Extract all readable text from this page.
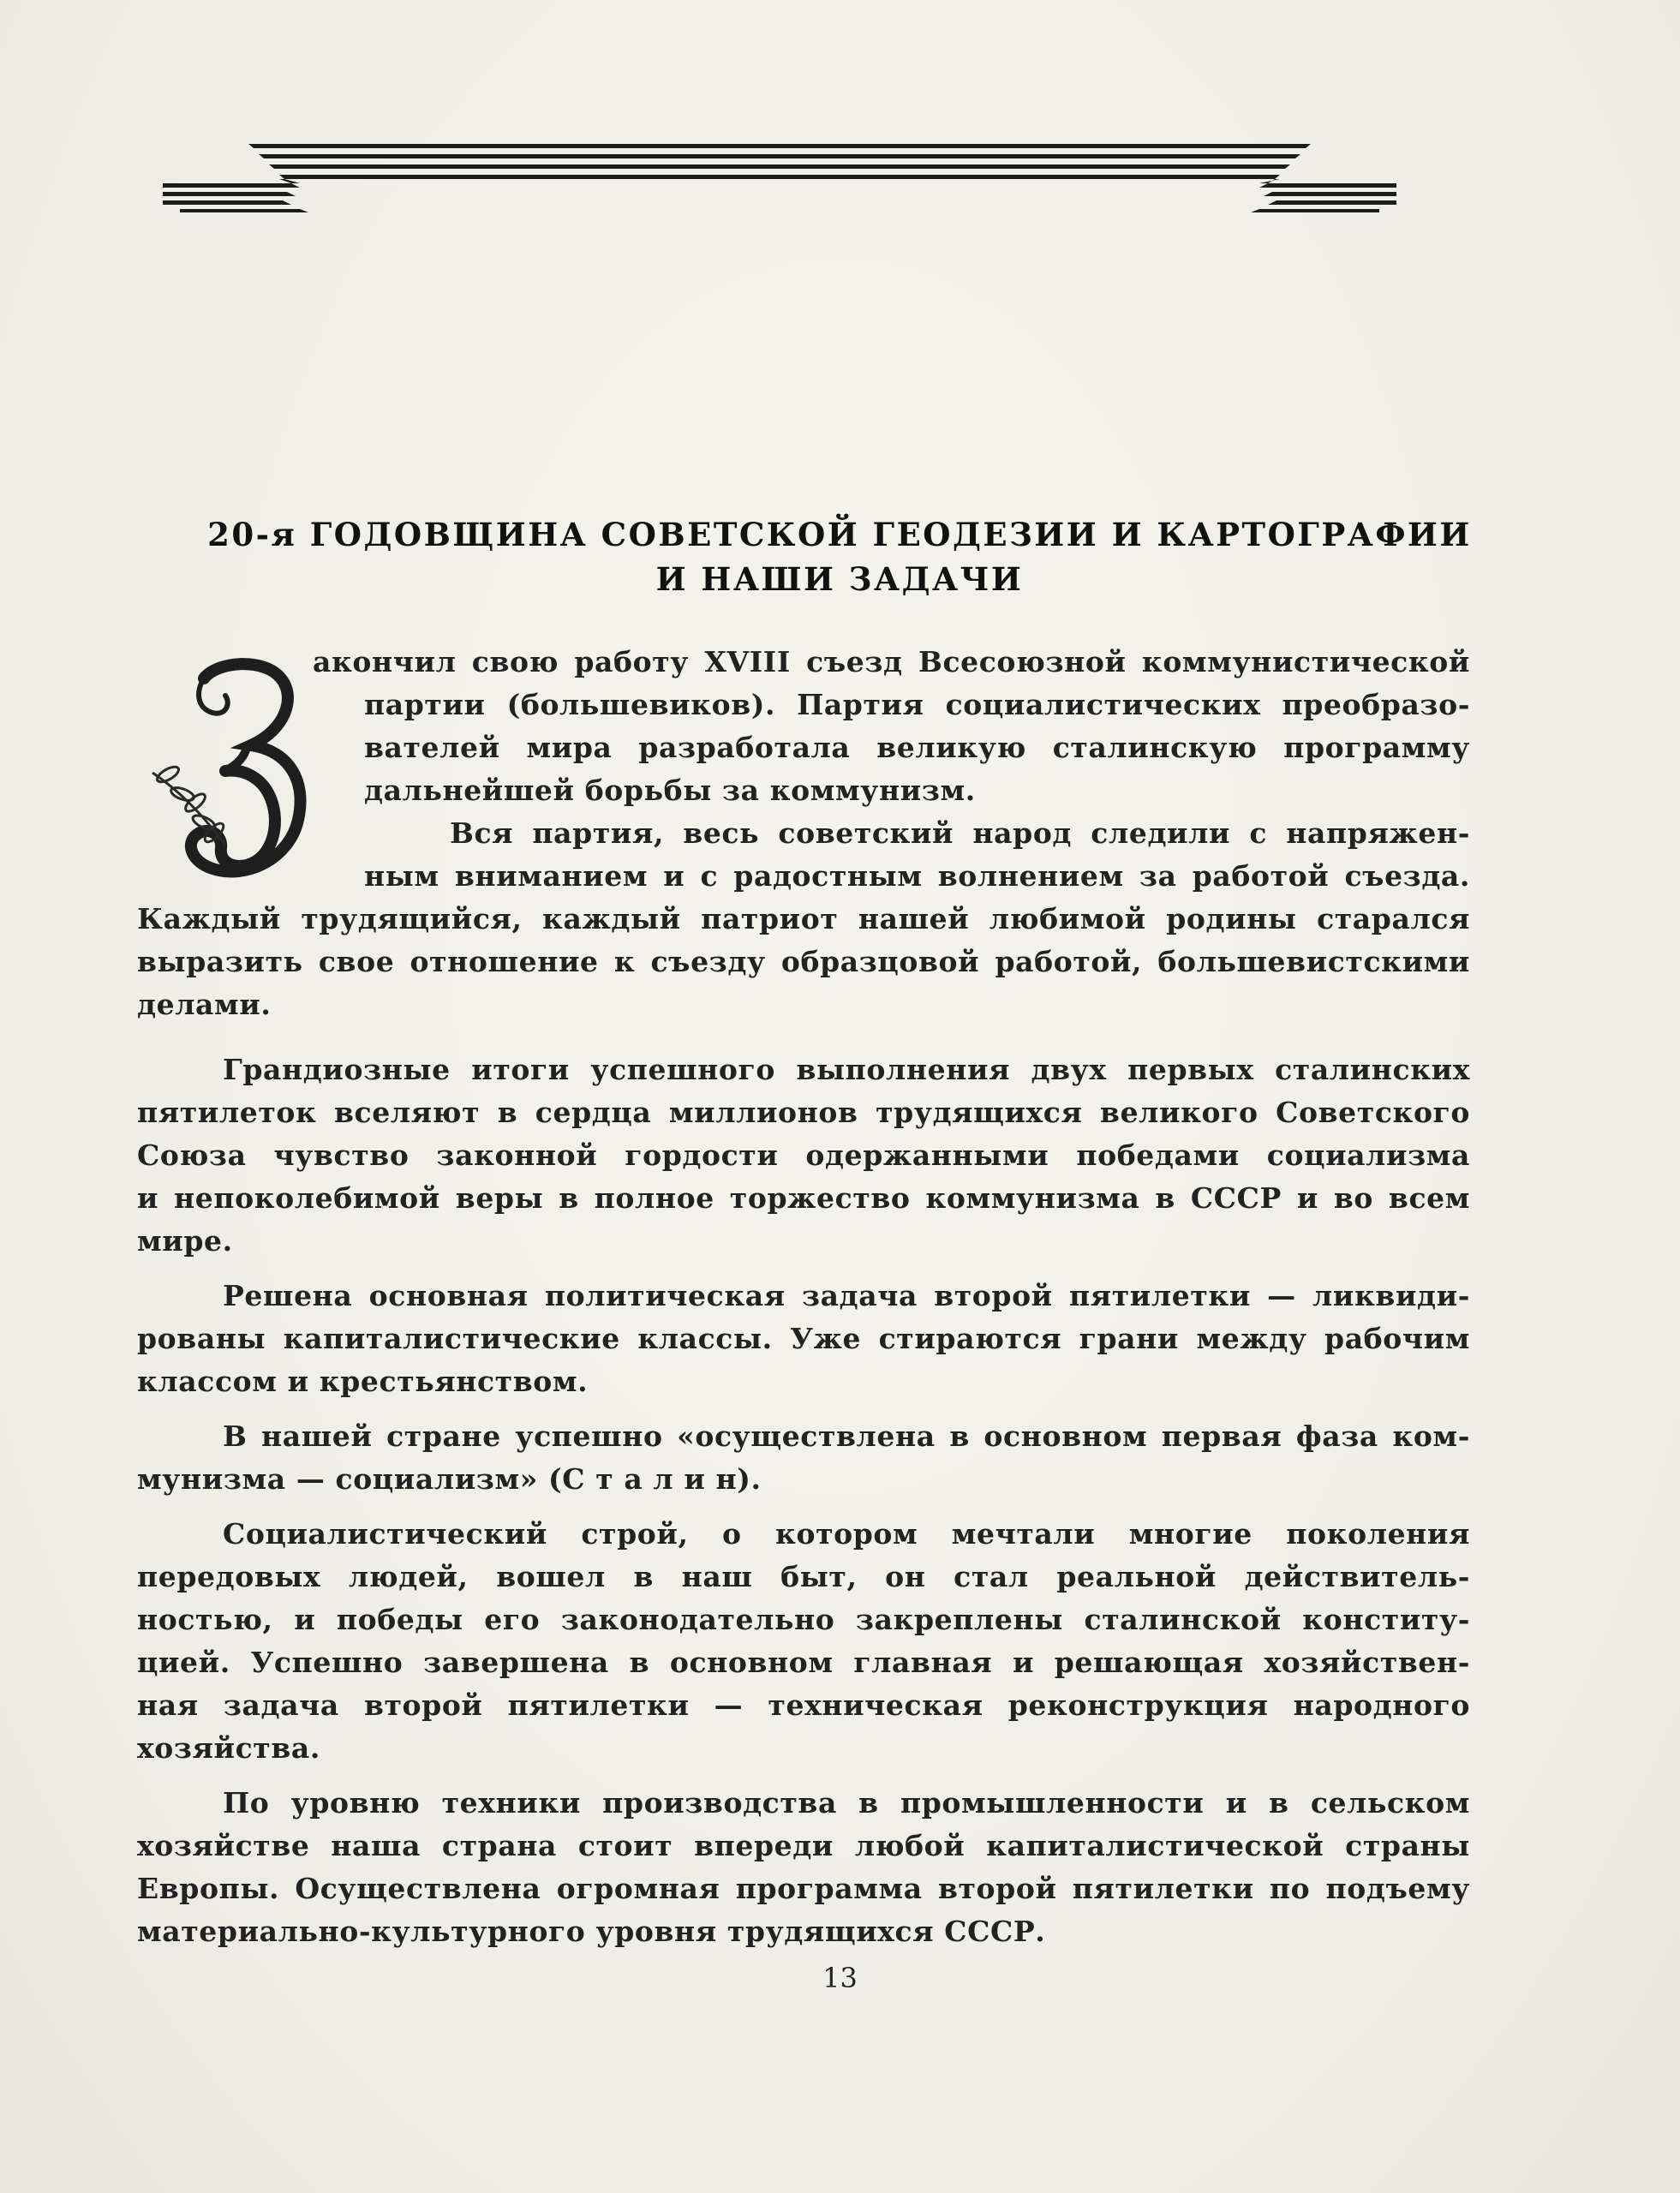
20-я ГОДОВЩИНА СОВЕТСКОЙ ГЕОДЕЗИИ И КАРТОГРАФИИ
И НАШИ ЗАДАЧИ
акончил свою работу XVIII съезд Всесоюзной коммунистической
партии (большевиков). Партия социалистических преобразо-
вателей мира разработала великую сталинскую программу
дальнейшей борьбы за коммунизм.
Вся партия, весь советский народ следили с напряжен-
ным вниманием и с радостным волнением за работой съезда.
Каждый трудящийся, каждый патриот нашей любимой родины старался
выразить свое отношение к съезду образцовой работой, большевистскими
делами.
Грандиозные итоги успешного выполнения двух первых сталинских
пятилеток вселяют в сердца миллионов трудящихся великого Советского
Союза чувство законной гордости одержанными победами социализма
и непоколебимой веры в полное торжество коммунизма в СССР и во всем
мире.
Решена основная политическая задача второй пятилетки — ликвиди-
рованы капиталистические классы. Уже стираются грани между рабочим
классом и крестьянством.
В нашей стране успешно «осуществлена в основном первая фаза ком-
мунизма — социализм» (С т а л и н).
Социалистический строй, о котором мечтали многие поколения
передовых людей, вошел в наш быт, он стал реальной действитель-
ностью, и победы его законодательно закреплены сталинской конститу-
цией. Успешно завершена в основном главная и решающая хозяйствен-
ная задача второй пятилетки — техническая реконструкция народного
хозяйства.
По уровню техники производства в промышленности и в сельском
хозяйстве наша страна стоит впереди любой капиталистической страны
Европы. Осуществлена огромная программа второй пятилетки по подъему
материально-культурного уровня трудящихся СССР.
13
